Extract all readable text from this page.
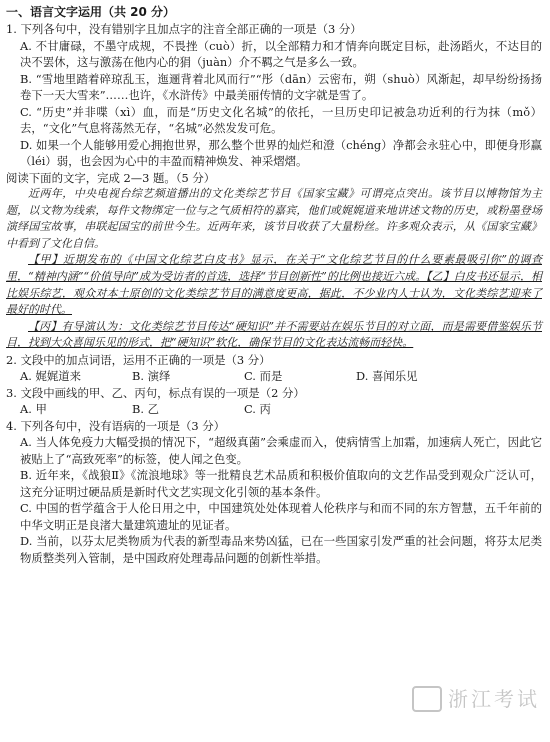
一、语言文字运用（共 20 分）

1. 下列各句中，没有错别字且加点字的注音全部正确的一项是（3 分）

A. 不甘庸碌，不墨守成规，不畏挫（cuò）折，以全部精力和才情奔向既定目标，赴汤蹈火，不达目的决不罢休，这与激荡在他内心的狷（juàn）介不羁之气是多么一致。

B. “雪地里踏着碎琼乱玉，迤逦背着北风而行”“彤（dān）云密布，朔（shuò）风渐起，却早纷纷扬扬卷下一天大雪来”……也许，《水浒传》中最美丽传情的文字就是雪了。

C. “历史”并非喋（xì）血，而是“历史文化名城”的依托，一旦历史印记被急功近利的行为抹（mǒ）去，“文化”气息将荡然无存，“名城”必然发发可危。

D. 如果一个人能够用爱心拥抱世界，那么整个世界的灿烂和澄（chéng）净都会永驻心中，即便身形赢（léi）弱，也会因为心中的丰盈而精神焕发、神采熠熠。

阅读下面的文字，完成 2—3 题。（5 分）

近两年，中央电视台综艺频道播出的文化类综艺节目《国家宝藏》可谓亮点突出。该节目以博物馆为主题，以文物为线索，每件文物绑定一位与之气质相符的嘉宾，他们或娓娓道来地讲述文物的历史，或粉墨登场演绎国宝故事，串联起国宝的前世今生。近两年来，该节目收获了大量粉丝。许多观众表示，从《国家宝藏》中看到了文化自信。

【甲】近期发布的《中国文化综艺白皮书》显示，在关于“文化综艺节目的什么要素最吸引你”的调查里，“精神内涵”“价值导向”成为受访者的首选，选择“节目创新性”的比例也接近六成。【乙】白皮书还显示，相比娱乐综艺，观众对本土原创的文化类综艺节目的满意度更高，据此，不少业内人士认为，文化类综艺迎来了最好的时代。

【丙】有导演认为：文化类综艺节目传达“硬知识”并不需要站在娱乐节目的对立面，而是需要借鉴娱乐节目，找到大众喜闻乐见的形式，把“硬知识”软化，确保节目的文化表达流畅而轻快。

2. 文段中的加点词语，运用不正确的一项是（3 分）

A. 娓娓道来	B. 演绎	C. 而是	D. 喜闻乐见

3. 文段中画线的甲、乙、丙句，标点有误的一项是（2 分）

A. 甲	B. 乙	C. 丙

4. 下列各句中，没有语病的一项是（3 分）

A. 当人体免疫力大幅受损的情况下，“超级真菌”会乘虚而入，使病情雪上加霜，加速病人死亡，因此它被贴上了“高致死率”的标签，使人闻之色变。

B. 近年来，《战狼Ⅱ》《流浪地球》等一批精良艺术品质和积极价值取向的文艺作品受到观众广泛认可，这充分证明过硬品质是新时代文艺实现文化引领的基本条件。

C. 中国的哲学蕴含于人伦日用之中，中国建筑处处体现着人伦秩序与和而不同的东方智慧，五千年前的中华文明正是良渚大量建筑遗址的见证者。

D. 当前，以芬太尼类物质为代表的新型毒品来势凶猛，已在一些国家引发严重的社会问题，将芬太尼类物质整类列入管制，是中国政府处理毒品问题的创新性举措。

浙江考试
